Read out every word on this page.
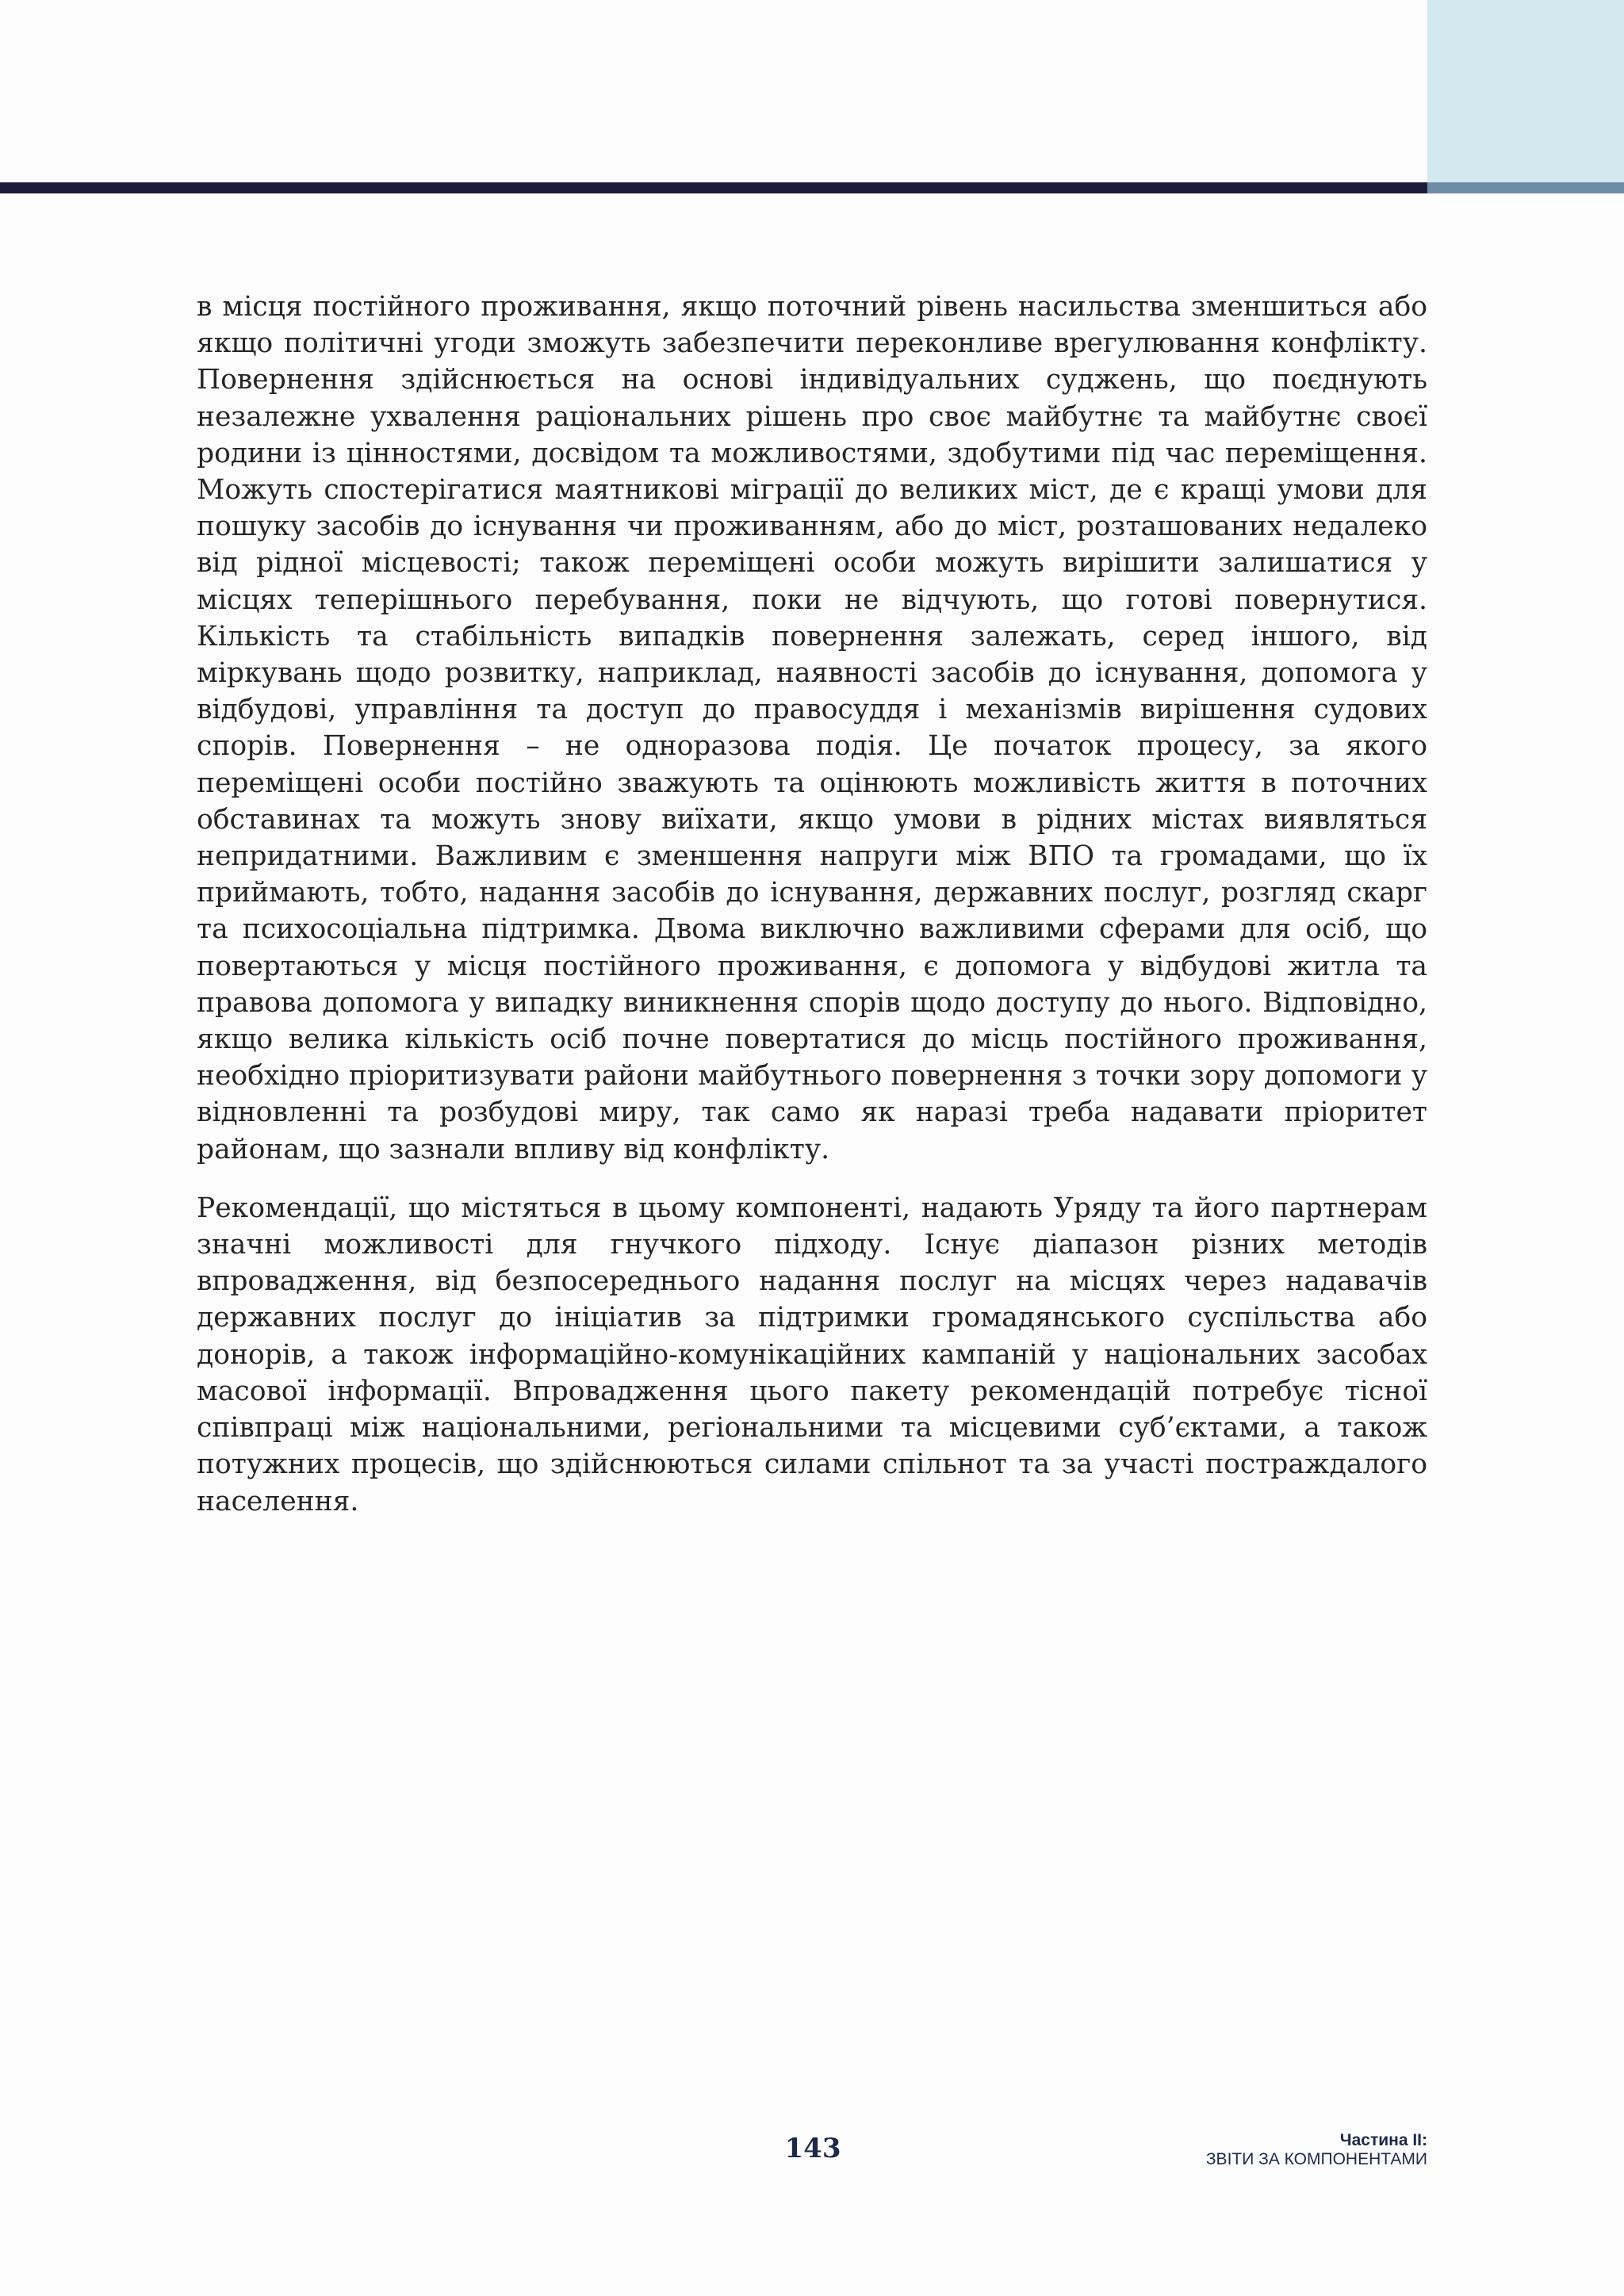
в місця постійного проживання, якщо поточний рівень насильства зменшиться або якщо політичні угоди зможуть забезпечити переконливе врегулювання конфлікту. Повернення здійснюється на основі індивідуальних суджень, що поєднують незалежне ухвалення раціональних рішень про своє майбутнє та майбутнє своєї родини із цінностями, досвідом та можливостями, здобутими під час переміщення. Можуть спостерігатися маятникові міграції до великих міст, де є кращі умови для пошуку засобів до існування чи проживанням, або до міст, розташованих недалеко від рідної місцевості; також переміщені особи можуть вирішити залишатися у місцях теперішнього перебування, поки не відчують, що готові повернутися. Кількість та стабільність випадків повернення залежать, серед іншого, від міркувань щодо розвитку, наприклад, наявності засобів до існування, допомога у відбудові, управління та доступ до правосуддя і механізмів вирішення судових спорів. Повернення – не одноразова подія. Це початок процесу, за якого переміщені особи постійно зважують та оцінюють можливість життя в поточних обставинах та можуть знову виїхати, якщо умови в рідних містах виявляться непридатними. Важливим є зменшення напруги між ВПО та громадами, що їх приймають, тобто, надання засобів до існування, державних послуг, розгляд скарг та психосоціальна підтримка. Двома виключно важливими сферами для осіб, що повертаються у місця постійного проживання, є допомога у відбудові житла та правова допомога у випадку виникнення спорів щодо доступу до нього. Відповідно, якщо велика кількість осіб почне повертатися до місць постійного проживання, необхідно пріоритизувати райони майбутнього повернення з точки зору допомоги у відновленні та розбудові миру, так само як наразі треба надавати пріоритет районам, що зазнали впливу від конфлікту.

Рекомендації, що містяться в цьому компоненті, надають Уряду та його партнерам значні можливості для гнучкого підходу. Існує діапазон різних методів впровадження, від безпосереднього надання послуг на місцях через надавачів державних послуг до ініціатив за підтримки громадянського суспільства або донорів, а також інформаційно-комунікаційних кампаній у національних засобах масової інформації. Впровадження цього пакету рекомендацій потребує тісної співпраці між національними, регіональними та місцевими суб’єктами, а також потужних процесів, що здійснюються силами спільнот та за участі постраждалого населення.

143	Частина II:
ЗВІТИ ЗА КОМПОНЕНТАМИ
